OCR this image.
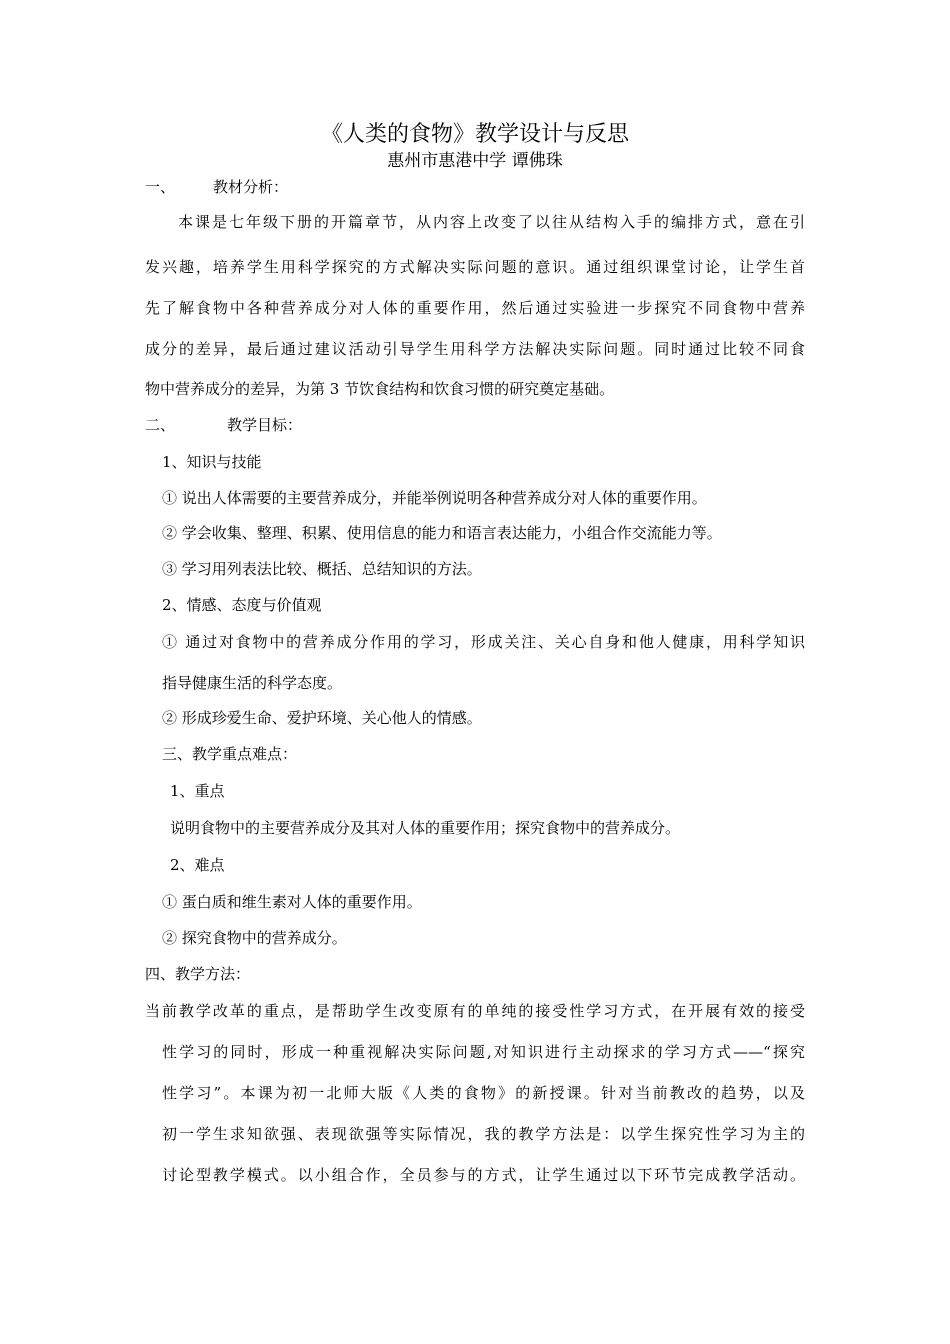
《人类的食物》教学设计与反思
惠州市惠港中学 谭佛珠
一、	教材分析：
本课是七年级下册的开篇章节，从内容上改变了以往从结构入手的编排方式，意在引
发兴趣，培养学生用科学探究的方式解决实际问题的意识。通过组织课堂讨论，让学生首
先了解食物中各种营养成分对人体的重要作用，然后通过实验进一步探究不同食物中营养
成分的差异，最后通过建议活动引导学生用科学方法解决实际问题。同时通过比较不同食
物中营养成分的差异，为第 3 节饮食结构和饮食习惯的研究奠定基础。
二、	教学目标：
1、知识与技能
① 说出人体需要的主要营养成分，并能举例说明各种营养成分对人体的重要作用。
② 学会收集、整理、积累、使用信息的能力和语言表达能力，小组合作交流能力等。
③ 学习用列表法比较、概括、总结知识的方法。
2、情感、态度与价值观
① 通过对食物中的营养成分作用的学习，形成关注、关心自身和他人健康，用科学知识
指导健康生活的科学态度。
② 形成珍爱生命、爱护环境、关心他人的情感。
三、教学重点难点：
1、重点
说明食物中的主要营养成分及其对人体的重要作用；探究食物中的营养成分。
2、难点
① 蛋白质和维生素对人体的重要作用。
② 探究食物中的营养成分。
四、教学方法：
当前教学改革的重点，是帮助学生改变原有的单纯的接受性学习方式，在开展有效的接受
性学习的同时，形成一种重视解决实际问题,对知识进行主动探求的学习方式——“探究
性学习”。本课为初一北师大版《人类的食物》的新授课。针对当前教改的趋势，以及
初一学生求知欲强、表现欲强等实际情况，我的教学方法是：以学生探究性学习为主的
讨论型教学模式。以小组合作，全员参与的方式，让学生通过以下环节完成教学活动。
